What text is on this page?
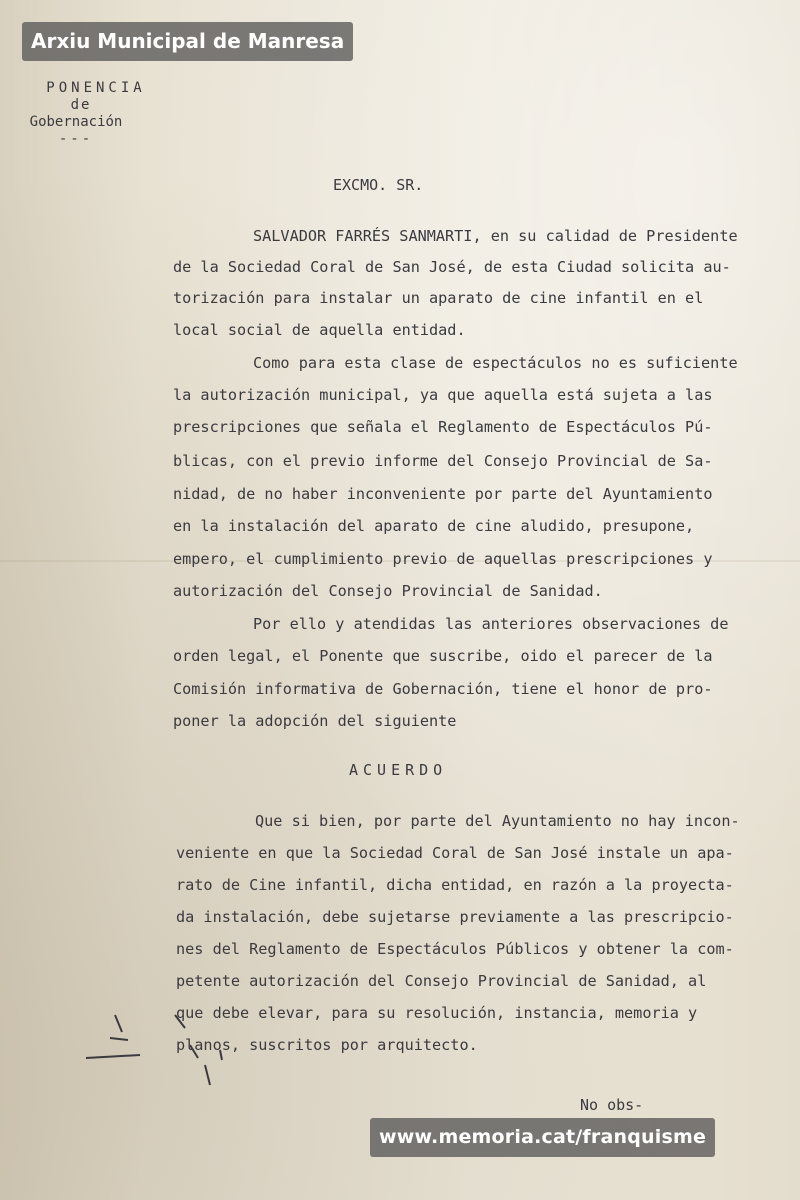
Arxiu Municipal de Manresa
PONENCIA
de
Gobernación
---
EXCMO. SR.
SALVADOR FARRÉS SANMARTI, en su calidad de Presidente
de la Sociedad Coral de San José, de esta Ciudad solicita au-
torización para instalar un aparato de cine infantil en el
local social de aquella entidad.
Como para esta clase de espectáculos no es suficiente
la autorización municipal, ya que aquella está sujeta a las
prescripciones que señala el Reglamento de Espectáculos Pú-
blicas, con el previo informe del Consejo Provincial de Sa-
nidad, de no haber inconveniente por parte del Ayuntamiento
en la instalación del aparato de cine aludido, presupone,
empero, el cumplimiento previo de aquellas prescripciones y
autorización del Consejo Provincial de Sanidad.
Por ello y atendidas las anteriores observaciones de
orden legal, el Ponente que suscribe, oido el parecer de la
Comisión informativa de Gobernación, tiene el honor de pro-
poner la adopción del siguiente
ACUERDO
Que si bien, por parte del Ayuntamiento no hay incon-
veniente en que la Sociedad Coral de San José instale un apa-
rato de Cine infantil, dicha entidad, en razón a la proyecta-
da instalación, debe sujetarse previamente a las prescripcio-
nes del Reglamento de Espectáculos Públicos y obtener la com-
petente autorización del Consejo Provincial de Sanidad, al
que debe elevar, para su resolución, instancia, memoria y
planos, suscritos por arquitecto.
No obs-
www.memoria.cat/franquisme
